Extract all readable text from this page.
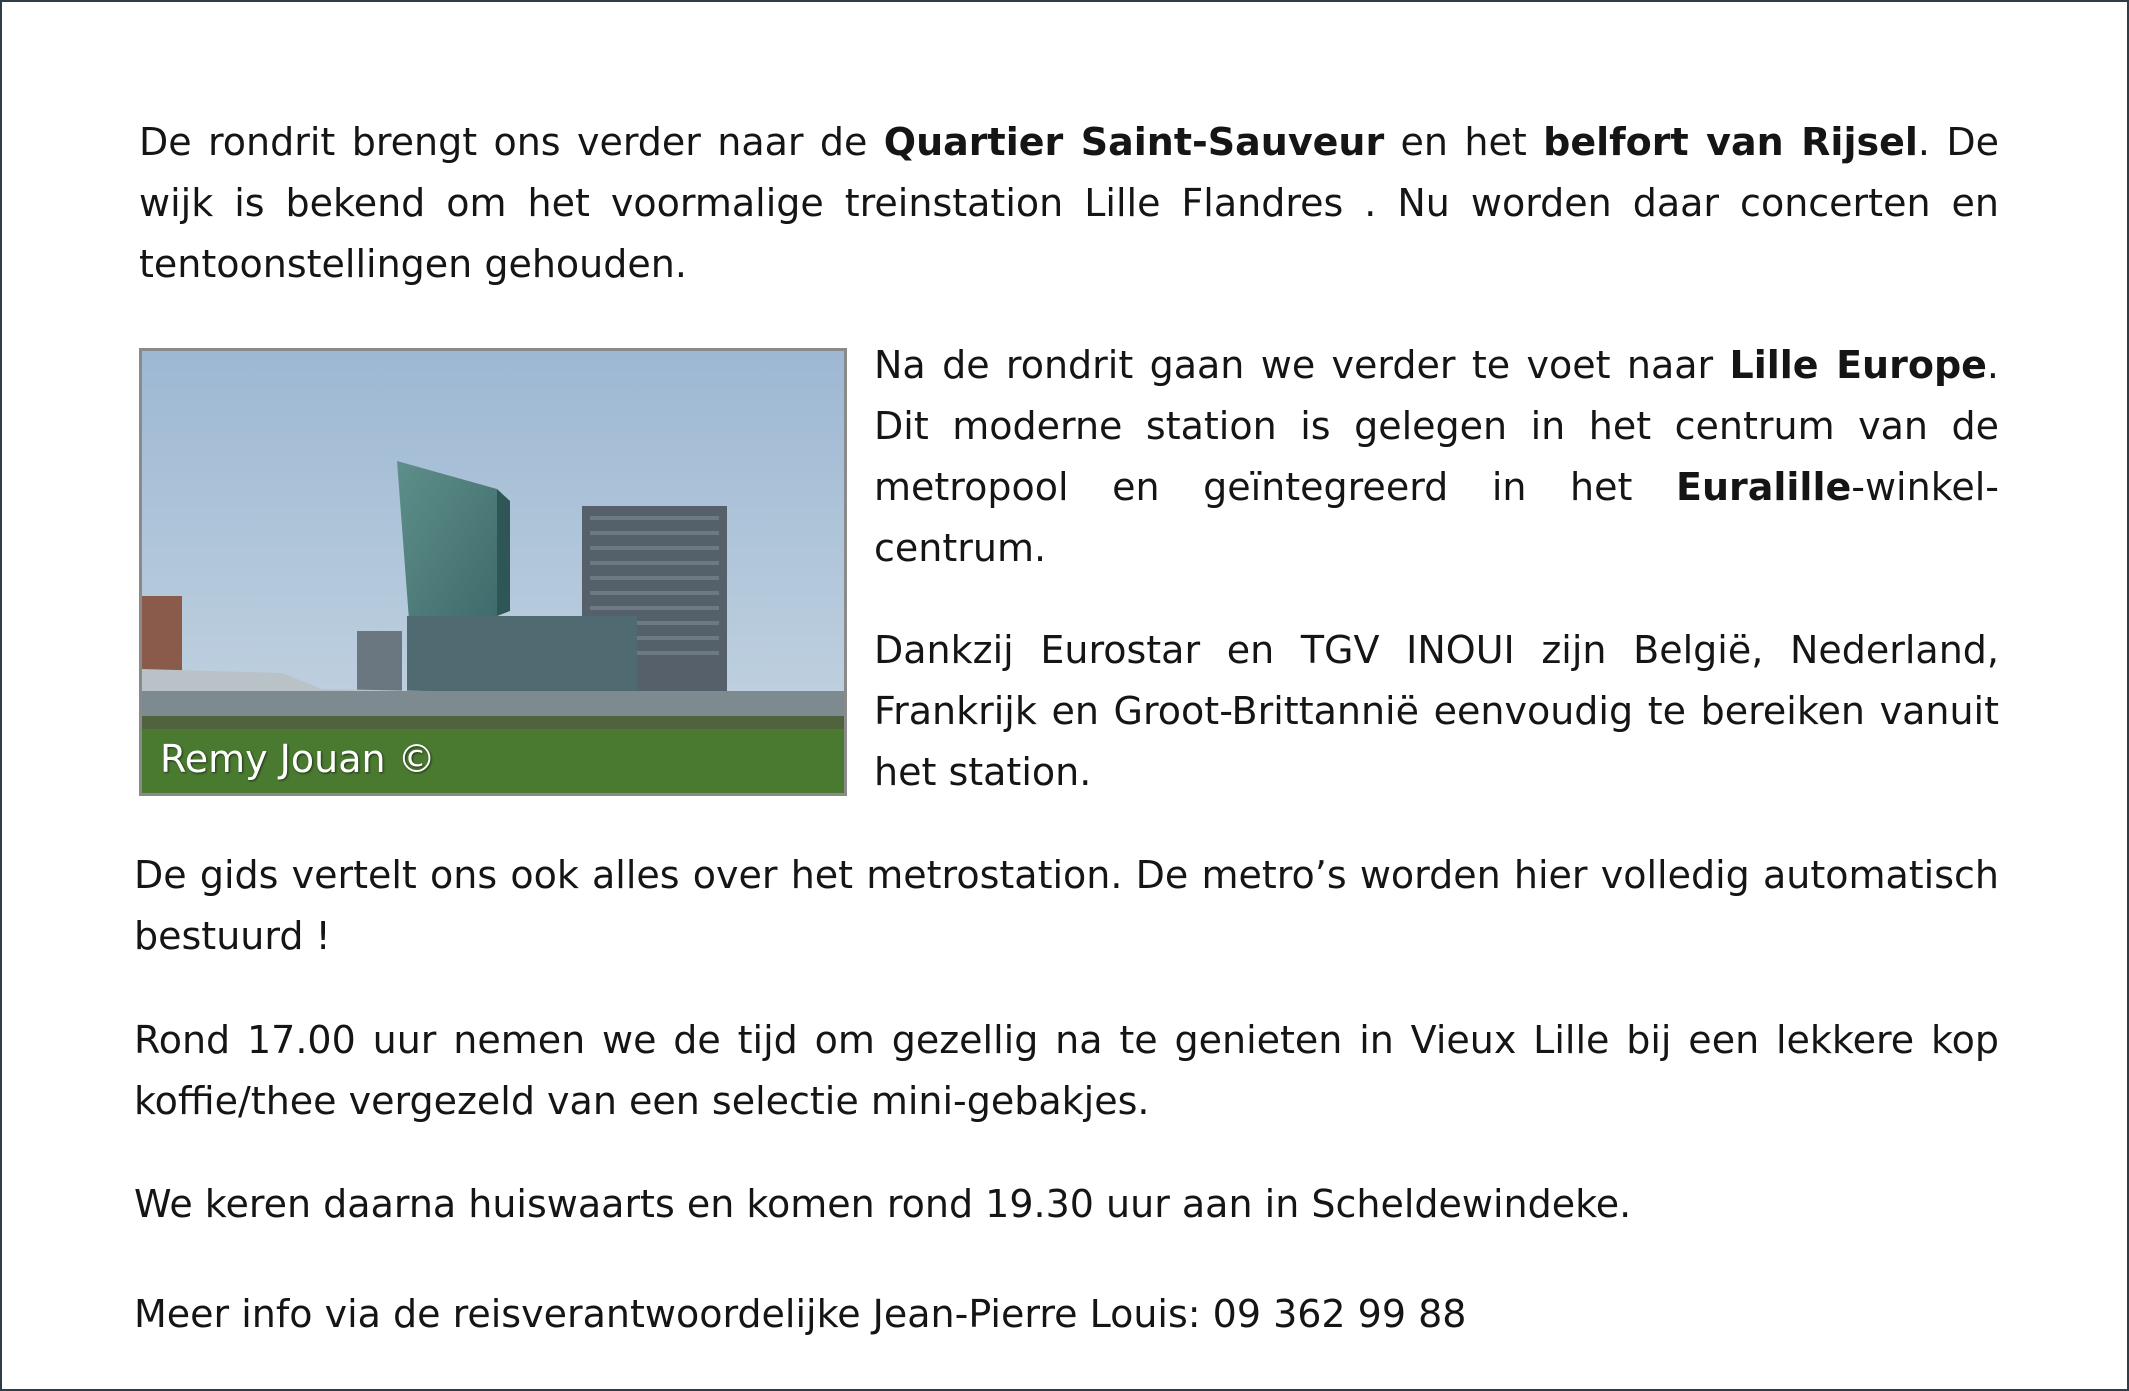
De rondrit brengt ons verder naar de Quartier Saint-Sauveur en het belfort van Rijsel. De wijk is bekend om het voormalige treinstation Lille Flandres . Nu worden daar concerten en tentoonstellingen gehouden.

Remy Jouan ©

Na de rondrit gaan we verder te voet naar Lille Europe. Dit moderne station is gelegen in het centrum van de metropool en geïntegreerd in het Euralille-winkel-centrum.

Dankzij Eurostar en TGV INOUI zijn België, Nederland, Frankrijk en Groot-Brittannië eenvoudig te bereiken vanuit het station.

De gids vertelt ons ook alles over het metrostation. De metro’s worden hier volledig automatisch bestuurd !

Rond 17.00 uur nemen we de tijd om gezellig na te genieten in Vieux Lille bij een lekkere kop koffie/thee vergezeld van een selectie mini-gebakjes.

We keren daarna huiswaarts en komen rond 19.30 uur aan in Scheldewindeke.

Meer info via de reisverantwoordelijke Jean-Pierre Louis: 09 362 99 88
